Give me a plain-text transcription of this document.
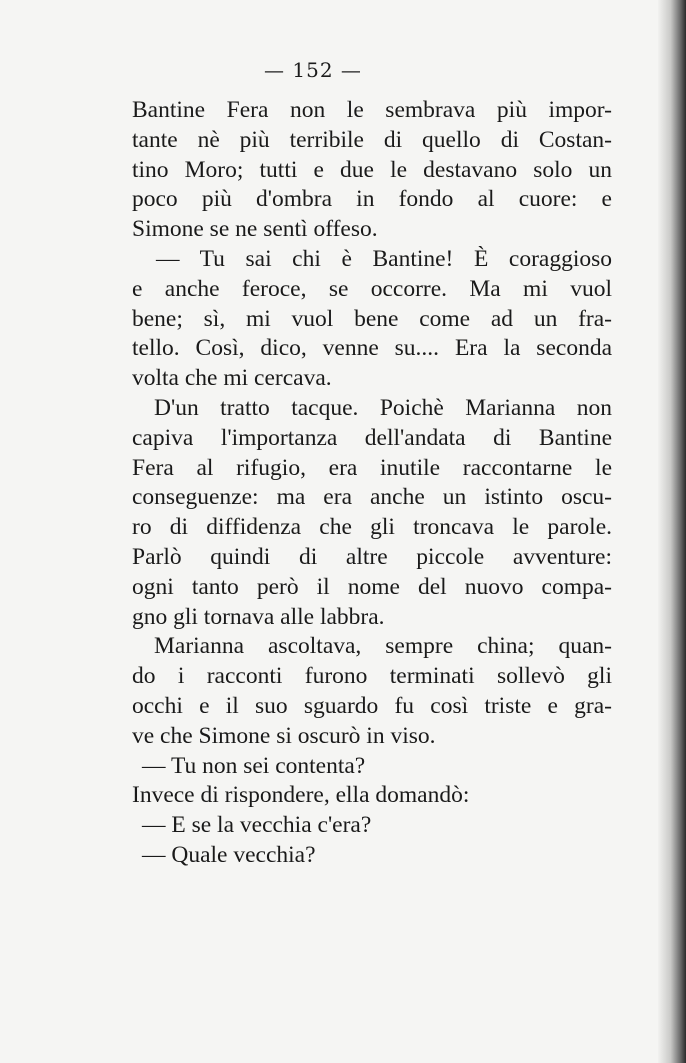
— 152 —
Bantine Fera non le sembrava più impor-
tante nè più terribile di quello di Costan-
tino Moro; tutti e due le destavano solo un
poco più d'ombra in fondo al cuore: e
Simone se ne sentì offeso.
— Tu sai chi è Bantine! È coraggioso
e anche feroce, se occorre. Ma mi vuol
bene; sì, mi vuol bene come ad un fra-
tello. Così, dico, venne su.... Era la seconda
volta che mi cercava.
D'un tratto tacque. Poichè Marianna non
capiva l'importanza dell'andata di Bantine
Fera al rifugio, era inutile raccontarne le
conseguenze: ma era anche un istinto oscu-
ro di diffidenza che gli troncava le parole.
Parlò quindi di altre piccole avventure:
ogni tanto però il nome del nuovo compa-
gno gli tornava alle labbra.
Marianna ascoltava, sempre china; quan-
do i racconti furono terminati sollevò gli
occhi e il suo sguardo fu così triste e gra-
ve che Simone si oscurò in viso.
— Tu non sei contenta?
Invece di rispondere, ella domandò:
— E se la vecchia c'era?
— Quale vecchia?
